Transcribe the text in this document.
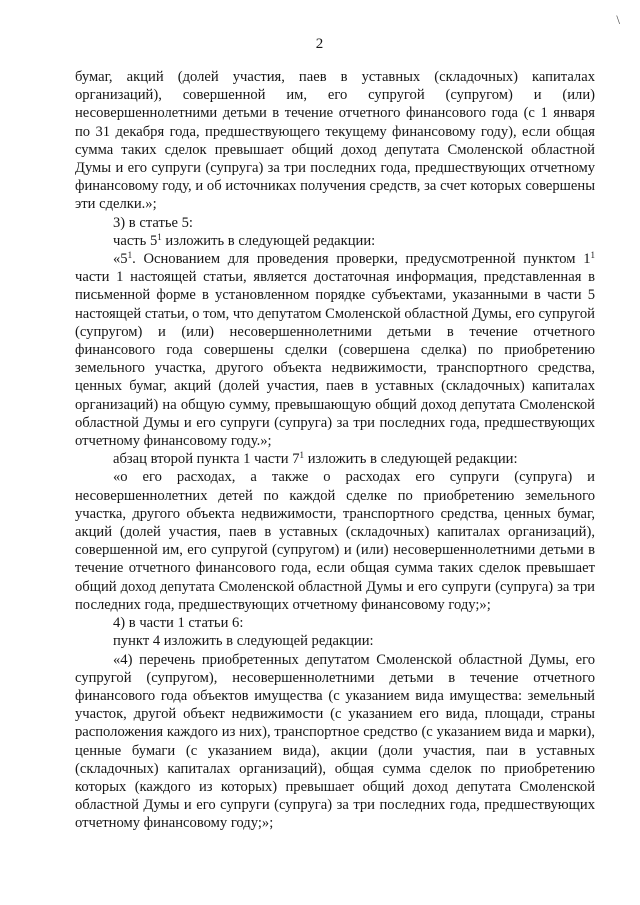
\
2

бумаг, акций (долей участия, паев в уставных (складочных) капиталах организаций), совершенной им, его супругой (супругом) и (или) несовершеннолетними детьми в течение отчетного финансового года (с 1 января по 31 декабря года, предшествующего текущему финансовому году), если общая сумма таких сделок превышает общий доход депутата Смоленской областной Думы и его супруги (супруга) за три последних года, предшествующих отчетному финансовому году, и об источниках получения средств, за счет которых совершены эти сделки.»;

3) в статье 5:

часть $5^1$ изложить в следующей редакции:

«$5^1$. Основанием для проведения проверки, предусмотренной пунктом $1^1$ части 1 настоящей статьи, является достаточная информация, представленная в письменной форме в установленном порядке субъектами, указанными в части 5 настоящей статьи, о том, что депутатом Смоленской областной Думы, его супругой (супругом) и (или) несовершеннолетними детьми в течение отчетного финансового года совершены сделки (совершена сделка) по приобретению земельного участка, другого объекта недвижимости, транспортного средства, ценных бумаг, акций (долей участия, паев в уставных (складочных) капиталах организаций) на общую сумму, превышающую общий доход депутата Смоленской областной Думы и его супруги (супруга) за три последних года, предшествующих отчетному финансовому году.»;

абзац второй пункта 1 части $7^1$ изложить в следующей редакции:

«о его расходах, а также о расходах его супруги (супруга) и несовершеннолетних детей по каждой сделке по приобретению земельного участка, другого объекта недвижимости, транспортного средства, ценных бумаг, акций (долей участия, паев в уставных (складочных) капиталах организаций), совершенной им, его супругой (супругом) и (или) несовершеннолетними детьми в течение отчетного финансового года, если общая сумма таких сделок превышает общий доход депутата Смоленской областной Думы и его супруги (супруга) за три последних года, предшествующих отчетному финансовому году;»;

4) в части 1 статьи 6:

пункт 4 изложить в следующей редакции:

«4) перечень приобретенных депутатом Смоленской областной Думы, его супругой (супругом), несовершеннолетними детьми в течение отчетного финансового года объектов имущества (с указанием вида имущества: земельный участок, другой объект недвижимости (с указанием его вида, площади, страны расположения каждого из них), транспортное средство (с указанием вида и марки), ценные бумаги (с указанием вида), акции (доли участия, паи в уставных (складочных) капиталах организаций), общая сумма сделок по приобретению которых (каждого из которых) превышает общий доход депутата Смоленской областной Думы и его супруги (супруга) за три последних года, предшествующих отчетному финансовому году;»;
